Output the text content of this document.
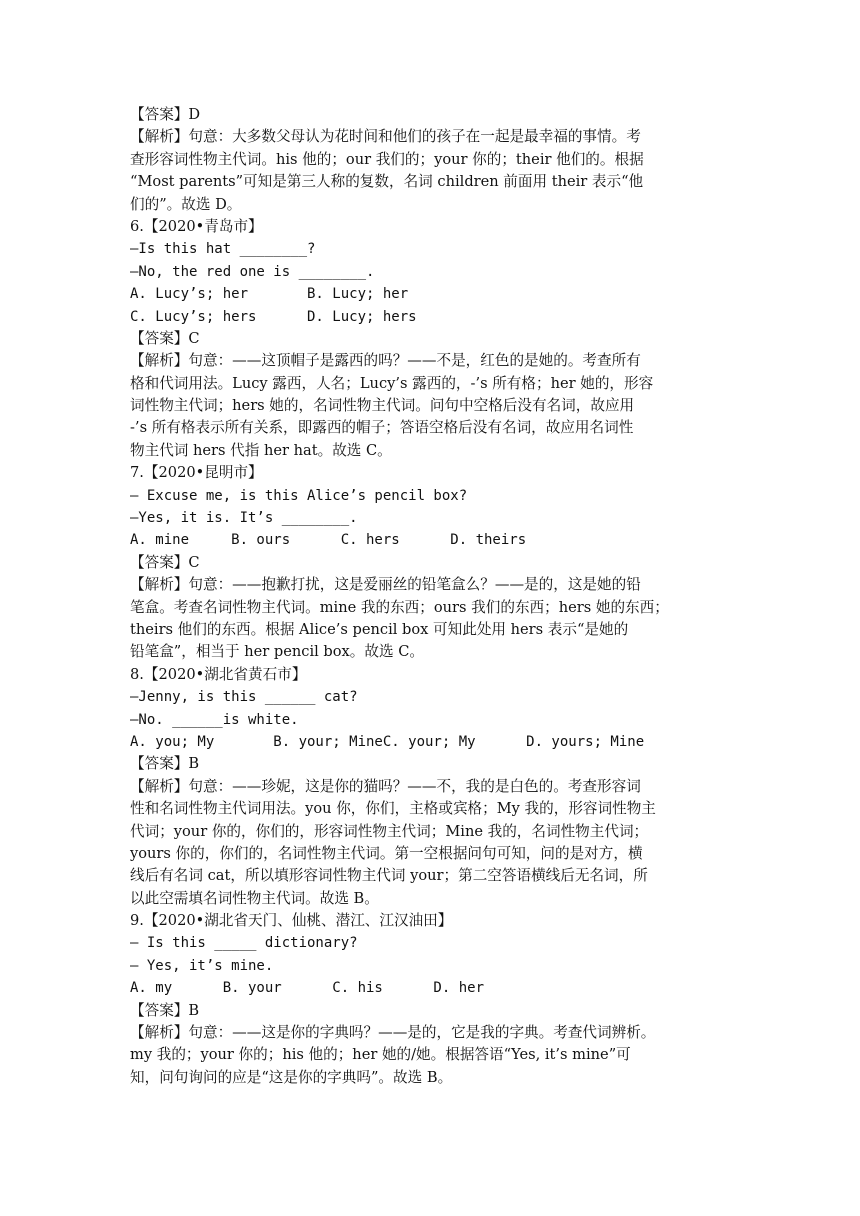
【答案】D

【解析】句意：大多数父母认为花时间和他们的孩子在一起是最幸福的事情。考

查形容词性物主代词。his 他的；our 我们的；your 你的；their 他们的。根据

“Most parents”可知是第三人称的复数，名词 children 前面用 their 表示“他

们的”。故选 D。

6.【2020•青岛市】

—Is this hat ________?

—No, the red one is ________.

A. Lucy’s; her       B. Lucy; her

C. Lucy’s; hers      D. Lucy; hers

【答案】C

【解析】句意：——这顶帽子是露西的吗？——不是，红色的是她的。考查所有

格和代词用法。Lucy 露西，人名；Lucy’s 露西的，-’s 所有格；her 她的，形容

词性物主代词；hers 她的，名词性物主代词。问句中空格后没有名词，故应用

-’s 所有格表示所有关系，即露西的帽子；答语空格后没有名词，故应用名词性

物主代词 hers 代指 her hat。故选 C。

7.【2020•昆明市】

— Excuse me, is this Alice’s pencil box?

—Yes, it is. It’s ________.

A. mine     B. ours      C. hers      D. theirs

【答案】C

【解析】句意：——抱歉打扰，这是爱丽丝的铅笔盒么？——是的，这是她的铅

笔盒。考查名词性物主代词。mine 我的东西；ours 我们的东西；hers 她的东西；

theirs 他们的东西。根据 Alice’s pencil box 可知此处用 hers 表示“是她的

铅笔盒”，相当于 her pencil box。故选 C。

8.【2020•湖北省黄石市】

—Jenny, is this ______ cat?

—No. ______is white.

A. you; My       B. your; MineC. your; My      D. yours; Mine

【答案】B

【解析】句意：——珍妮，这是你的猫吗？——不，我的是白色的。考查形容词

性和名词性物主代词用法。you 你，你们，主格或宾格；My 我的，形容词性物主

代词；your 你的，你们的，形容词性物主代词；Mine 我的，名词性物主代词；

yours 你的，你们的，名词性物主代词。第一空根据问句可知，问的是对方，横

线后有名词 cat，所以填形容词性物主代词 your；第二空答语横线后无名词，所

以此空需填名词性物主代词。故选 B。

9.【2020•湖北省天门、仙桃、潜江、江汉油田】

— Is this _____ dictionary?

— Yes, it’s mine.

A. my      B. your      C. his      D. her

【答案】B

【解析】句意：——这是你的字典吗？——是的，它是我的字典。考查代词辨析。

my 我的；your 你的；his 他的；her 她的/她。根据答语“Yes, it’s mine”可

知，问句询问的应是“这是你的字典吗”。故选 B。
